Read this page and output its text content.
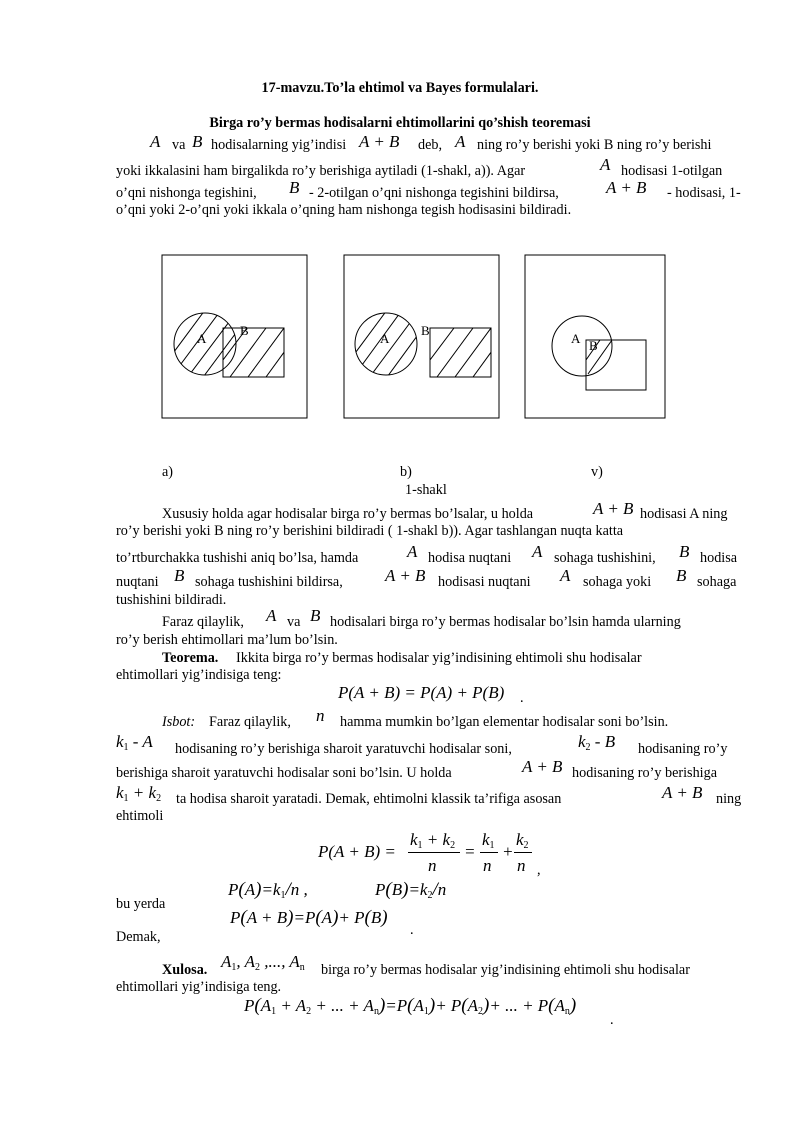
17-mavzu.To’la ehtimol va Bayes formulalari.
Birga ro’y bermas hodisalarni ehtimollarini qo’shish teoremasi
A va B hodisalarning yig’indisi A + B deb, A ning ro’y berishi yoki B ning ro’y berishi
yoki ikkalasini ham birgalikda ro’y berishiga aytiladi (1-shakl, a)). Agar	A hodisasi 1-otilgan
o’qni nishonga tegishini, B - 2-otilgan o’qni nishonga tegishini bildirsa,	A + B - hodisasi, 1-
o’qni yoki 2-o’qni yoki ikkala o’qning ham nishonga tegish hodisasini bildiradi.
A
B
A
B
A B
a)	b)	v)
1-shakl
Xususiy holda agar hodisalar birga ro’y bermas bo’lsalar, u holda	A + B hodisasi A ning
ro’y berishi yoki B ning ro’y berishini bildiradi ( 1-shakl b)). Agar tashlangan nuqta katta
to’rtburchakka tushishi aniq bo’lsa, hamda	A hodisa nuqtani A sohaga tushishini, B hodisa
nuqtani B sohaga tushishini bildirsa, A + B hodisasi nuqtani A sohaga yoki B sohaga
tushishini bildiradi.
Faraz qilaylik, A va B hodisalari birga ro’y bermas hodisalar bo’lsin hamda ularning
ro’y berish ehtimollari ma’lum bo’lsin.
Teorema. Ikkita birga ro’y bermas hodisalar yig’indisining ehtimoli shu hodisalar
ehtimollari yig’indisiga teng:
P(A + B) = P(A) + P(B) .
Isbot: Faraz qilaylik, n hamma mumkin bo’lgan elementar hodisalar soni bo’lsin.
$k_1$ - A hodisaning ro’y berishiga sharoit yaratuvchi hodisalar soni,	$k_2$ - B hodisaning ro’y
berishiga sharoit yaratuvchi hodisalar soni bo’lsin. U holda	A + B hodisaning ro’y berishiga
$k_1 + k_2$ ta hodisa sharoit yaratadi. Demak, ehtimolni klassik ta’rifiga asosan	A + B ning
ehtimoli
P(A + B) =
$k_1 + k_2$
n
=
$k_1$
n
+
$k_2$
n ,
bu yerda
$P(A)=k_1/n$ ,	$P(B)=k_2/n$
Demak,
P(A + B)=P(A)+ P(B)
.
Xulosa. $A_1$, $A_2$ ,..., $A_n$ birga ro’y bermas hodisalar yig’indisining ehtimoli shu hodisalar
ehtimollari yig’indisiga teng.
$P(A_1 + A_2$ + ... + $A_n)=P(A_1)+ P(A_2)+$ ... + $P(A_n)$
.
